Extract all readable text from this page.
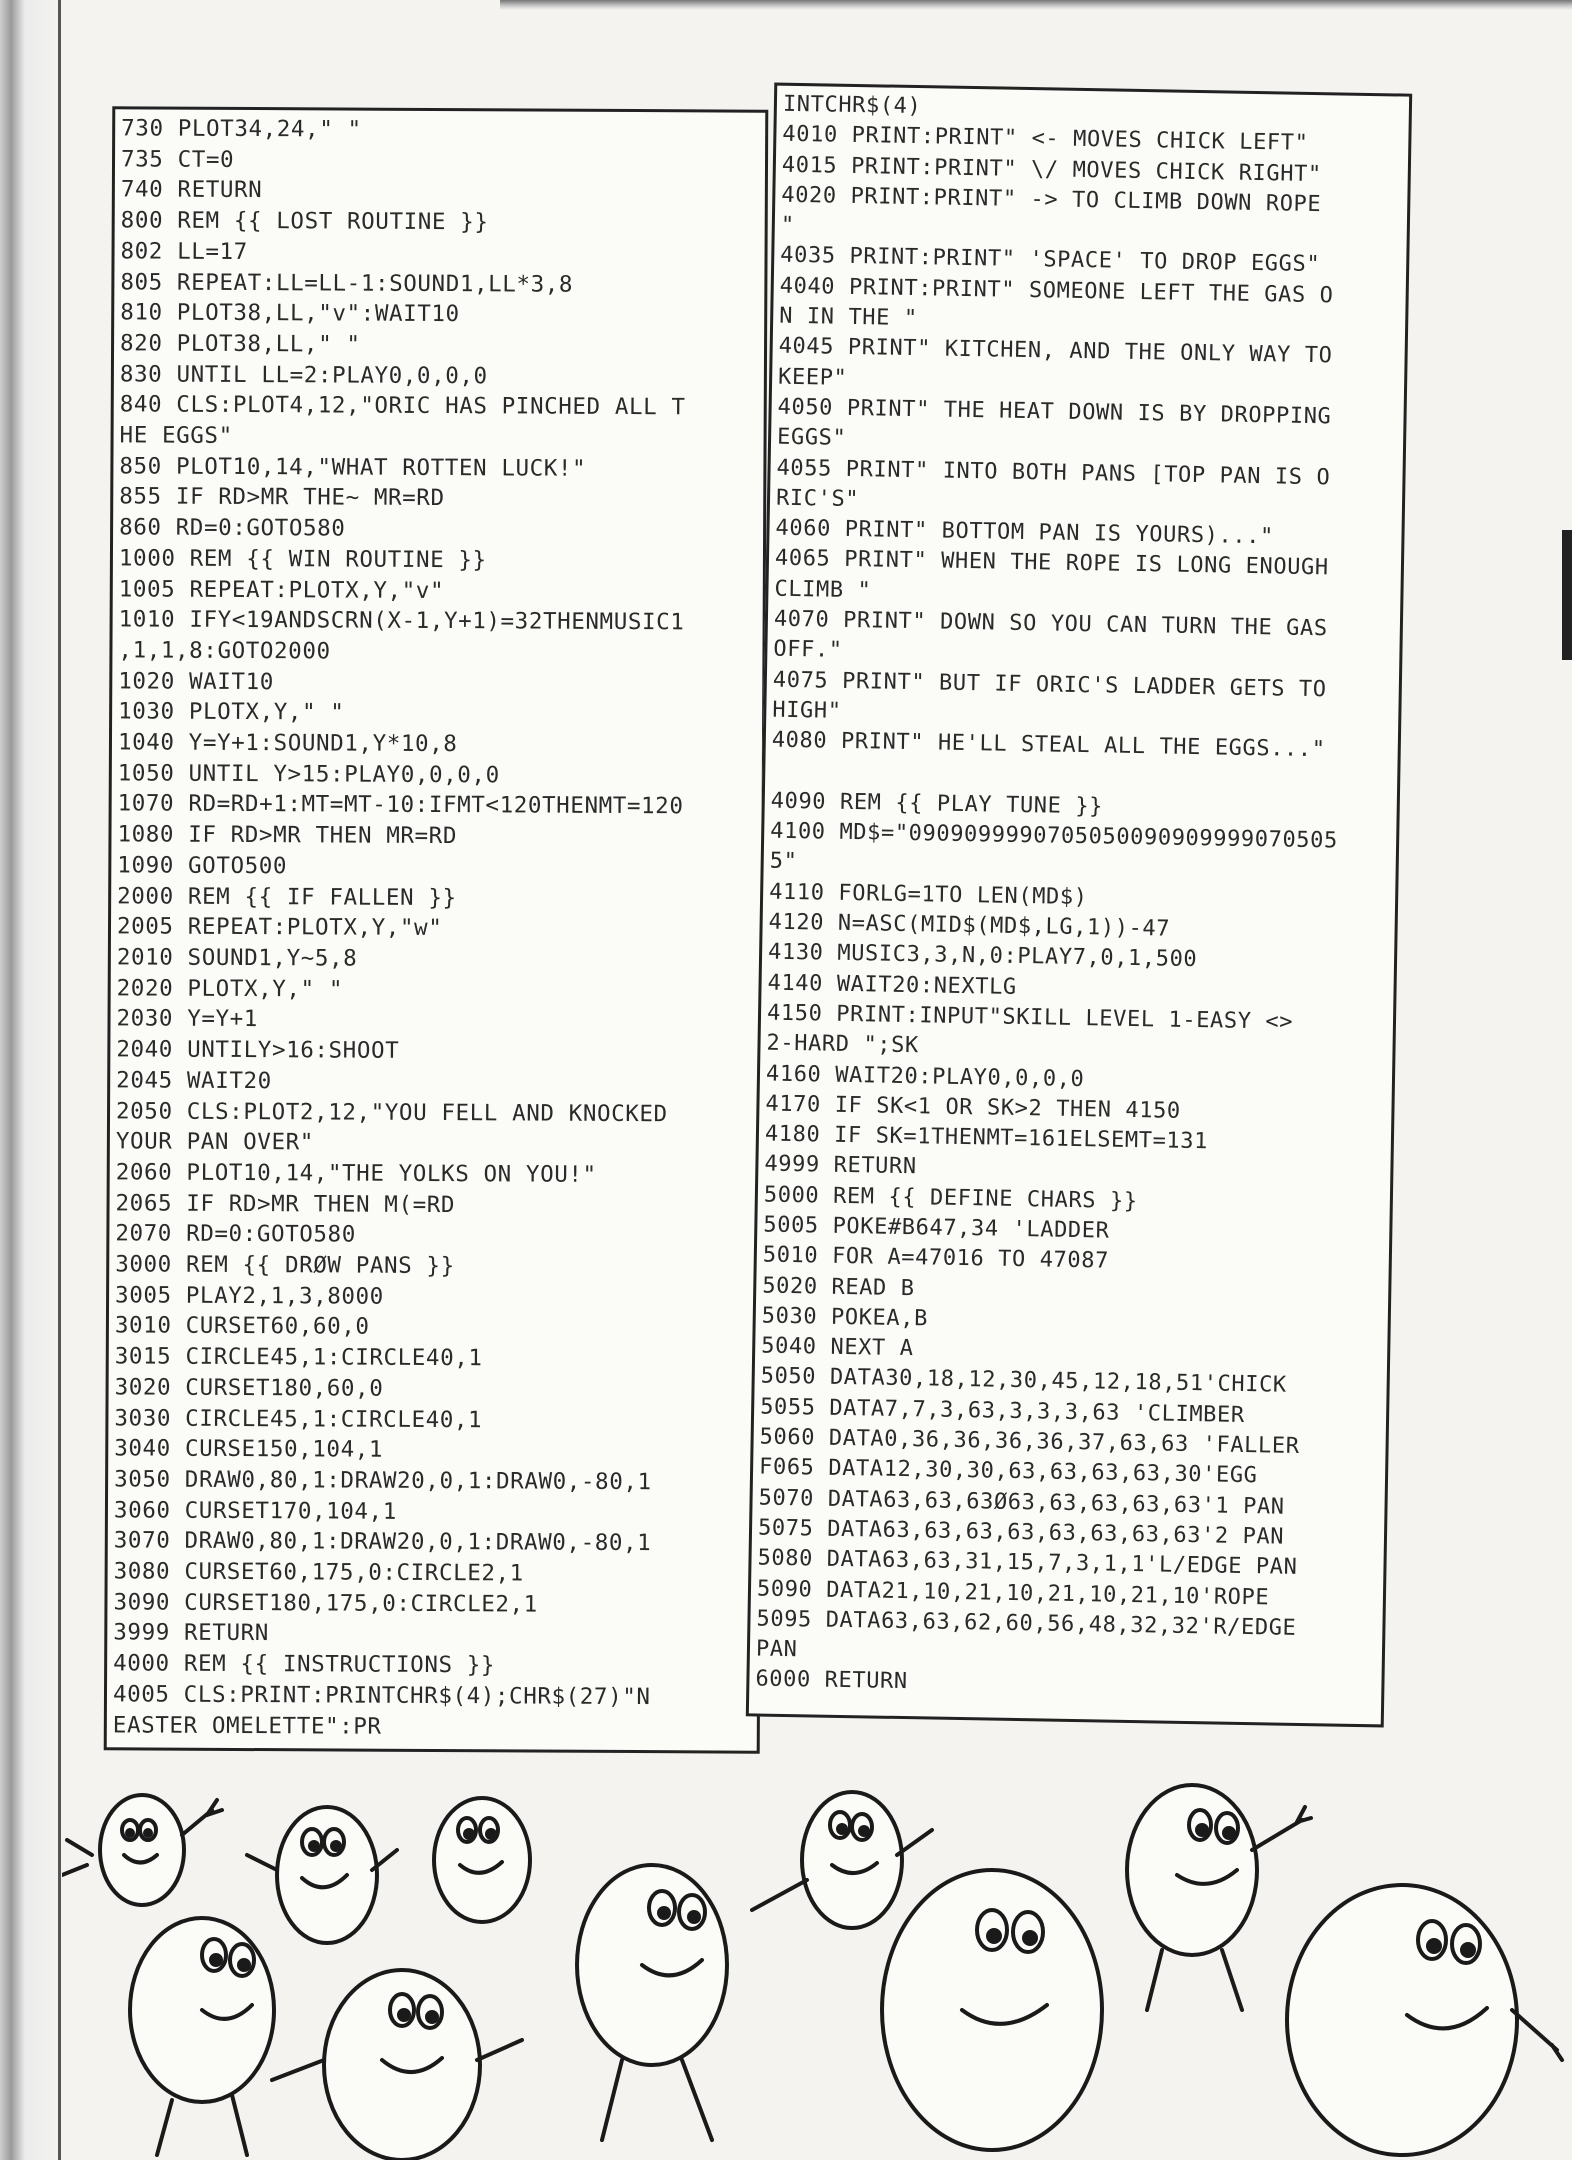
730 PLOT34,24," "
735 CT=0
740 RETURN
800 REM {{ LOST ROUTINE }}
802 LL=17
805 REPEAT:LL=LL-1:SOUND1,LL*3,8
810 PLOT38,LL,"v":WAIT10
820 PLOT38,LL," "
830 UNTIL LL=2:PLAY0,0,0,0
840 CLS:PLOT4,12,"ORIC HAS PINCHED ALL T
HE EGGS"
850 PLOT10,14,"WHAT ROTTEN LUCK!"
855 IF RD>MR THE~ MR=RD
860 RD=0:GOTO580
1000 REM {{ WIN ROUTINE }}
1005 REPEAT:PLOTX,Y,"v"
1010 IFY<19ANDSCRN(X-1,Y+1)=32THENMUSIC1
,1,1,8:GOTO2000
1020 WAIT10
1030 PLOTX,Y," "
1040 Y=Y+1:SOUND1,Y*10,8
1050 UNTIL Y>15:PLAY0,0,0,0
1070 RD=RD+1:MT=MT-10:IFMT<120THENMT=120
1080 IF RD>MR THEN MR=RD
1090 GOTO500
2000 REM {{ IF FALLEN }}
2005 REPEAT:PLOTX,Y,"w"
2010 SOUND1,Y~5,8
2020 PLOTX,Y," "
2030 Y=Y+1
2040 UNTILY>16:SHOOT
2045 WAIT20
2050 CLS:PLOT2,12,"YOU FELL AND KNOCKED
YOUR PAN OVER"
2060 PLOT10,14,"THE YOLKS ON YOU!"
2065 IF RD>MR THEN M(=RD
2070 RD=0:GOTO580
3000 REM {{ DRØW PANS }}
3005 PLAY2,1,3,8000
3010 CURSET60,60,0
3015 CIRCLE45,1:CIRCLE40,1
3020 CURSET180,60,0
3030 CIRCLE45,1:CIRCLE40,1
3040 CURSE150,104,1
3050 DRAW0,80,1:DRAW20,0,1:DRAW0,-80,1
3060 CURSET170,104,1
3070 DRAW0,80,1:DRAW20,0,1:DRAW0,-80,1
3080 CURSET60,175,0:CIRCLE2,1
3090 CURSET180,175,0:CIRCLE2,1
3999 RETURN
4000 REM {{ INSTRUCTIONS }}
4005 CLS:PRINT:PRINTCHR$(4);CHR$(27)"N
EASTER OMELETTE":PR
INTCHR$(4)
4010 PRINT:PRINT" <- MOVES CHICK LEFT"
4015 PRINT:PRINT" \/ MOVES CHICK RIGHT"
4020 PRINT:PRINT" -> TO CLIMB DOWN ROPE
"
4035 PRINT:PRINT" 'SPACE' TO DROP EGGS"
4040 PRINT:PRINT" SOMEONE LEFT THE GAS O
N IN THE "
4045 PRINT" KITCHEN, AND THE ONLY WAY TO
KEEP"
4050 PRINT" THE HEAT DOWN IS BY DROPPING
EGGS"
4055 PRINT" INTO BOTH PANS [TOP PAN IS O
RIC'S"
4060 PRINT" BOTTOM PAN IS YOURS)..."
4065 PRINT" WHEN THE ROPE IS LONG ENOUGH
CLIMB "
4070 PRINT" DOWN SO YOU CAN TURN THE GAS
OFF."
4075 PRINT" BUT IF ORIC'S LADDER GETS TO
HIGH"
4080 PRINT" HE'LL STEAL ALL THE EGGS..."

4090 REM {{ PLAY TUNE }}
4100 MD$="0909099990705050090909999070505
5"
4110 FORLG=1TO LEN(MD$)
4120 N=ASC(MID$(MD$,LG,1))-47
4130 MUSIC3,3,N,0:PLAY7,0,1,500
4140 WAIT20:NEXTLG
4150 PRINT:INPUT"SKILL LEVEL 1-EASY <>
2-HARD ";SK
4160 WAIT20:PLAY0,0,0,0
4170 IF SK<1 OR SK>2 THEN 4150
4180 IF SK=1THENMT=161ELSEMT=131
4999 RETURN
5000 REM {{ DEFINE CHARS }}
5005 POKE#B647,34 'LADDER
5010 FOR A=47016 TO 47087
5020 READ B
5030 POKEA,B
5040 NEXT A
5050 DATA30,18,12,30,45,12,18,51'CHICK
5055 DATA7,7,3,63,3,3,3,63 'CLIMBER
5060 DATA0,36,36,36,36,37,63,63 'FALLER
F065 DATA12,30,30,63,63,63,63,30'EGG
5070 DATA63,63,63Ø63,63,63,63,63'1 PAN
5075 DATA63,63,63,63,63,63,63,63'2 PAN
5080 DATA63,63,31,15,7,3,1,1'L/EDGE PAN
5090 DATA21,10,21,10,21,10,21,10'ROPE
5095 DATA63,63,62,60,56,48,32,32'R/EDGE
PAN
6000 RETURN
